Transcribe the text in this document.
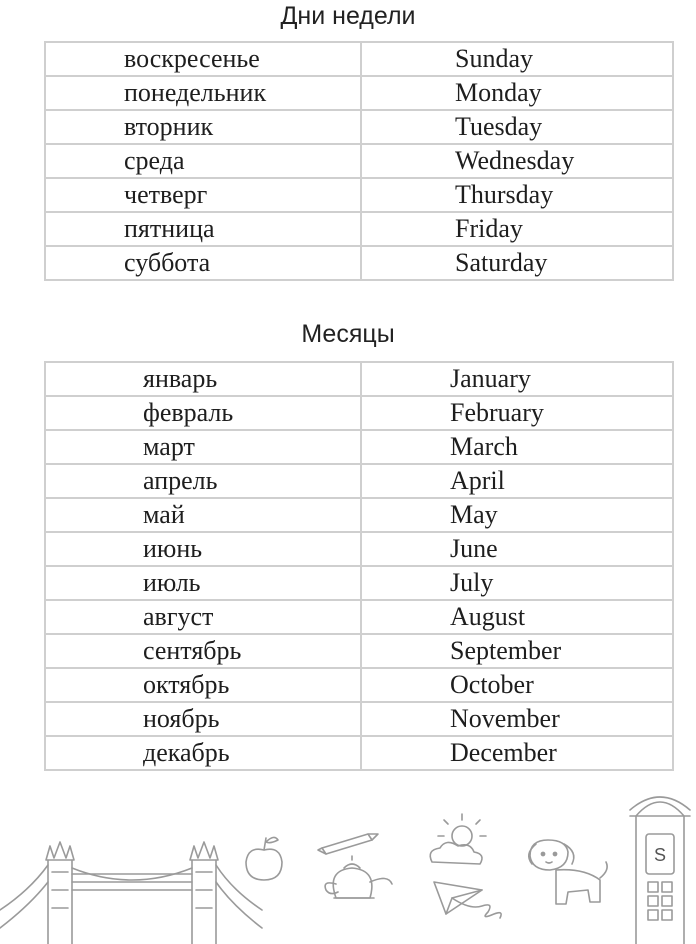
Дни недели
воскресенье	Sunday
понедельник	Monday
вторник	Tuesday
среда	Wednesday
четверг	Thursday
пятница	Friday
суббота	Saturday
Месяцы
январь	January
февраль	February
март	March
апрель	April
май	May
июнь	June
июль	July
август	August
сентябрь	September
октябрь	October
ноябрь	November
декабрь	December
S
